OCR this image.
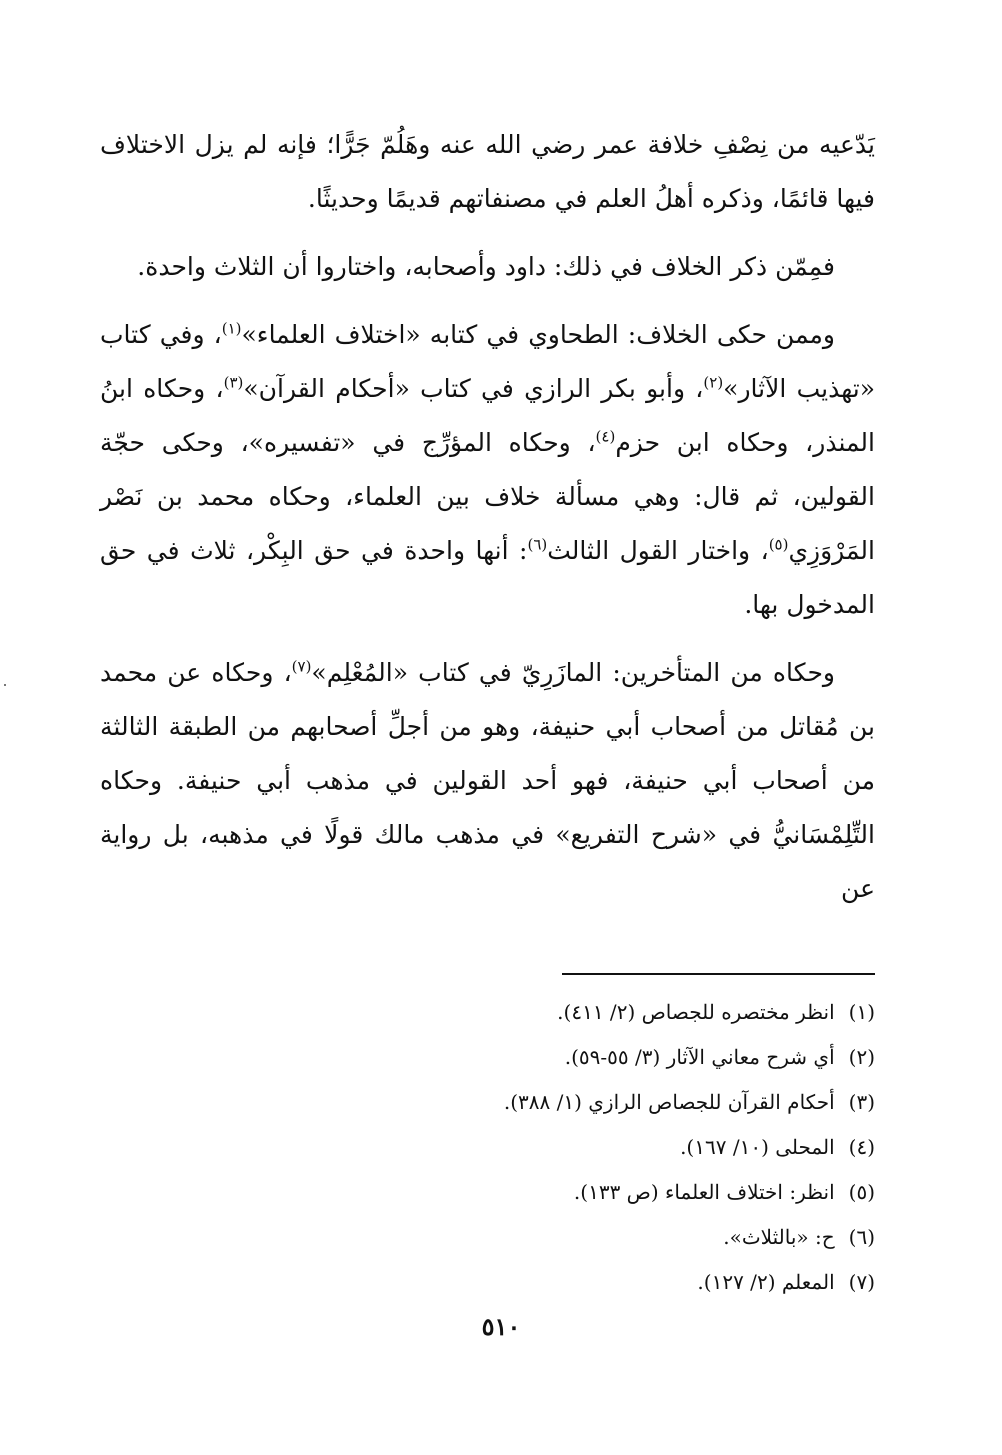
يَدّعيه من نِصْفِ خلافة عمر رضي الله عنه وهَلُمّ جَرًّا؛ فإنه لم يزل الاختلاف فيها قائمًا، وذكره أهلُ العلم في مصنفاتهم قديمًا وحديثًا.

فمِمّن ذكر الخلاف في ذلك: داود وأصحابه، واختاروا أن الثلاث واحدة.

وممن حكى الخلاف: الطحاوي في كتابه «اختلاف العلماء»$^{(١)}$، وفي كتاب «تهذيب الآثار»$^{(٢)}$، وأبو بكر الرازي في كتاب «أحكام القرآن»$^{(٣)}$، وحكاه ابنُ المنذر، وحكاه ابن حزم$^{(٤)}$، وحكاه المؤرِّج في «تفسيره»، وحكى حجّة القولين، ثم قال: وهي مسألة خلاف بين العلماء، وحكاه محمد بن نَصْر المَرْوَزِي$^{(٥)}$، واختار القول الثالث$^{(٦)}$: أنها واحدة في حق البِكْر، ثلاث في حق المدخول بها.

وحكاه من المتأخرين: المازَرِيّ في كتاب «المُعْلِم»$^{(٧)}$، وحكاه عن محمد بن مُقاتل من أصحاب أبي حنيفة، وهو من أجلِّ أصحابهم من الطبقة الثالثة من أصحاب أبي حنيفة، فهو أحد القولين في مذهب أبي حنيفة. وحكاه التِّلِمْسَانيُّ في «شرح التفريع» في مذهب مالك قولًا في مذهبه، بل رواية عن

(١) انظر مختصره للجصاص (٢/ ٤١١).
(٢) أي شرح معاني الآثار (٣/ ٥٥-٥٩).
(٣) أحكام القرآن للجصاص الرازي (١/ ٣٨٨).
(٤) المحلى (١٠/ ١٦٧).
(٥) انظر: اختلاف العلماء (ص ١٣٣).
(٦) ح: «بالثلاث».
(٧) المعلم (٢/ ١٢٧).
٥١٠
